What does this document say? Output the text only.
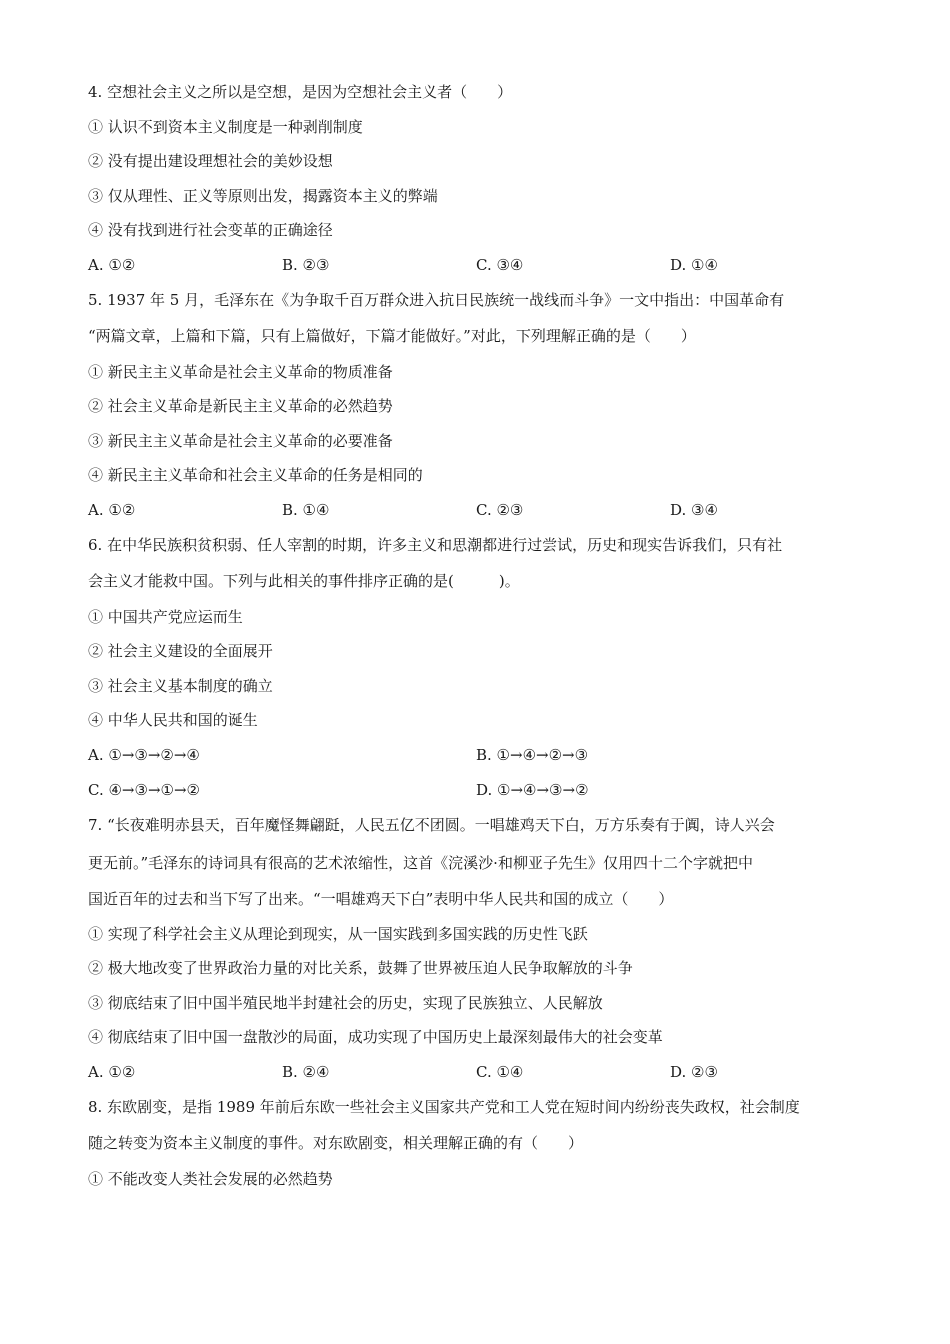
4. 空想社会主义之所以是空想，是因为空想社会主义者（　　）
① 认识不到资本主义制度是一种剥削制度
② 没有提出建设理想社会的美妙设想
③ 仅从理性、正义等原则出发，揭露资本主义的弊端
④ 没有找到进行社会变革的正确途径
A. ①②	B. ②③	C. ③④	D. ①④
5. 1937 年 5 月，毛泽东在《为争取千百万群众进入抗日民族统一战线而斗争》一文中指出：中国革命有
“两篇文章，上篇和下篇，只有上篇做好，下篇才能做好。”对此，下列理解正确的是（　　）
① 新民主主义革命是社会主义革命的物质准备
② 社会主义革命是新民主主义革命的必然趋势
③ 新民主主义革命是社会主义革命的必要准备
④ 新民主主义革命和社会主义革命的任务是相同的
A. ①②	B. ①④	C. ②③	D. ③④
6. 在中华民族积贫积弱、任人宰割的时期，许多主义和思潮都进行过尝试，历史和现实告诉我们，只有社
会主义才能救中国。下列与此相关的事件排序正确的是(　　　)。
① 中国共产党应运而生
② 社会主义建设的全面展开
③ 社会主义基本制度的确立
④ 中华人民共和国的诞生
A. ①→③→②→④	B. ①→④→②→③
C. ④→③→①→②	D. ①→④→③→②
7. “长夜难明赤县天，百年魔怪舞翩跹，人民五亿不团圆。一唱雄鸡天下白，万方乐奏有于阗，诗人兴会
更无前。”毛泽东的诗词具有很高的艺术浓缩性，这首《浣溪沙·和柳亚子先生》仅用四十二个字就把中
国近百年的过去和当下写了出来。“一唱雄鸡天下白”表明中华人民共和国的成立（　　）
① 实现了科学社会主义从理论到现实，从一国实践到多国实践的历史性飞跃
② 极大地改变了世界政治力量的对比关系，鼓舞了世界被压迫人民争取解放的斗争
③ 彻底结束了旧中国半殖民地半封建社会的历史，实现了民族独立、人民解放
④ 彻底结束了旧中国一盘散沙的局面，成功实现了中国历史上最深刻最伟大的社会变革
A. ①②	B. ②④	C. ①④	D. ②③
8. 东欧剧变，是指 1989 年前后东欧一些社会主义国家共产党和工人党在短时间内纷纷丧失政权，社会制度
随之转变为资本主义制度的事件。对东欧剧变，相关理解正确的有（　　）
① 不能改变人类社会发展的必然趋势
